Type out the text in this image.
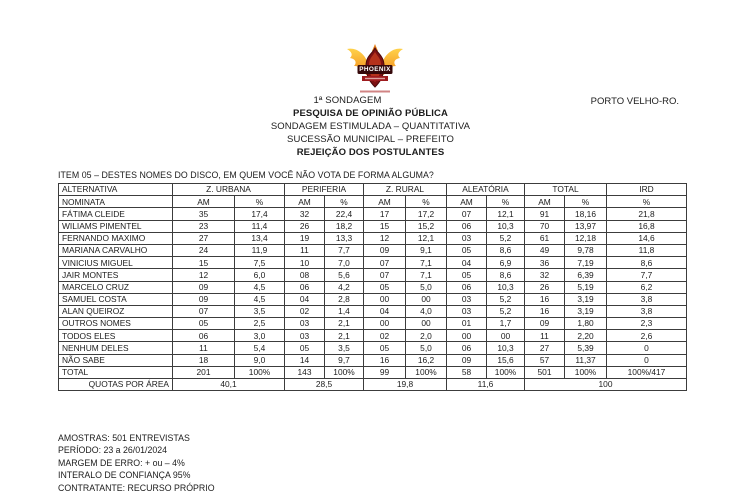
PHOENIX
1ª SONDAGEM
PESQUISA DE OPINIÃO PÚBLICA
SONDAGEM ESTIMULADA – QUANTITATIVA
SUCESSÃO MUNICIPAL – PREFEITO
REJEIÇÃO DOS POSTULANTES
PORTO VELHO-RO.
ITEM 05 – DESTES NOMES DO DISCO, EM QUEM VOCÊ NÃO VOTA DE FORMA ALGUMA?
ALTERNATIVA	Z. URBANA		PERIFERIA		Z. RURAL		ALEATÓRIA		TOTAL		IRD
NOMINATA	AM	%	AM	%	AM	%	AM	%	AM	%	%
FÁTIMA CLEIDE	35	17,4	32	22,4	17	17,2	07	12,1	91	18,16	21,8
WILIAMS PIMENTEL	23	11,4	26	18,2	15	15,2	06	10,3	70	13,97	16,8
FERNANDO MAXIMO	27	13,4	19	13,3	12	12,1	03	5,2	61	12,18	14,6
MARIANA CARVALHO	24	11,9	11	7,7	09	9,1	05	8,6	49	9,78	11,8
VINICIUS MIGUEL	15	7,5	10	7,0	07	7,1	04	6,9	36	7,19	8,6
JAIR MONTES	12	6,0	08	5,6	07	7,1	05	8,6	32	6,39	7,7
MARCELO CRUZ	09	4,5	06	4,2	05	5,0	06	10,3	26	5,19	6,2
SAMUEL COSTA	09	4,5	04	2,8	00	00	03	5,2	16	3,19	3,8
ALAN QUEIROZ	07	3,5	02	1,4	04	4,0	03	5,2	16	3,19	3,8
OUTROS NOMES	05	2,5	03	2,1	00	00	01	1,7	09	1,80	2,3
TODOS ELES	06	3,0	03	2,1	02	2,0	00	00	11	2,20	2,6
NENHUM DELES	11	5,4	05	3,5	05	5,0	06	10,3	27	5,39	0
NÃO SABE	18	9,0	14	9,7	16	16,2	09	15,6	57	11,37	0
TOTAL	201	100%	143	100%	99	100%	58	100%	501	100%	100%/417
QUOTAS POR ÁREA	40,1		28,5		19,8		11,6		100		
AMOSTRAS: 501 ENTREVISTAS
PERÍODO: 23 a 26/01/2024
MARGEM DE ERRO: + ou – 4%
INTERALO DE CONFIANÇA 95%
CONTRATANTE: RECURSO PRÓPRIO
